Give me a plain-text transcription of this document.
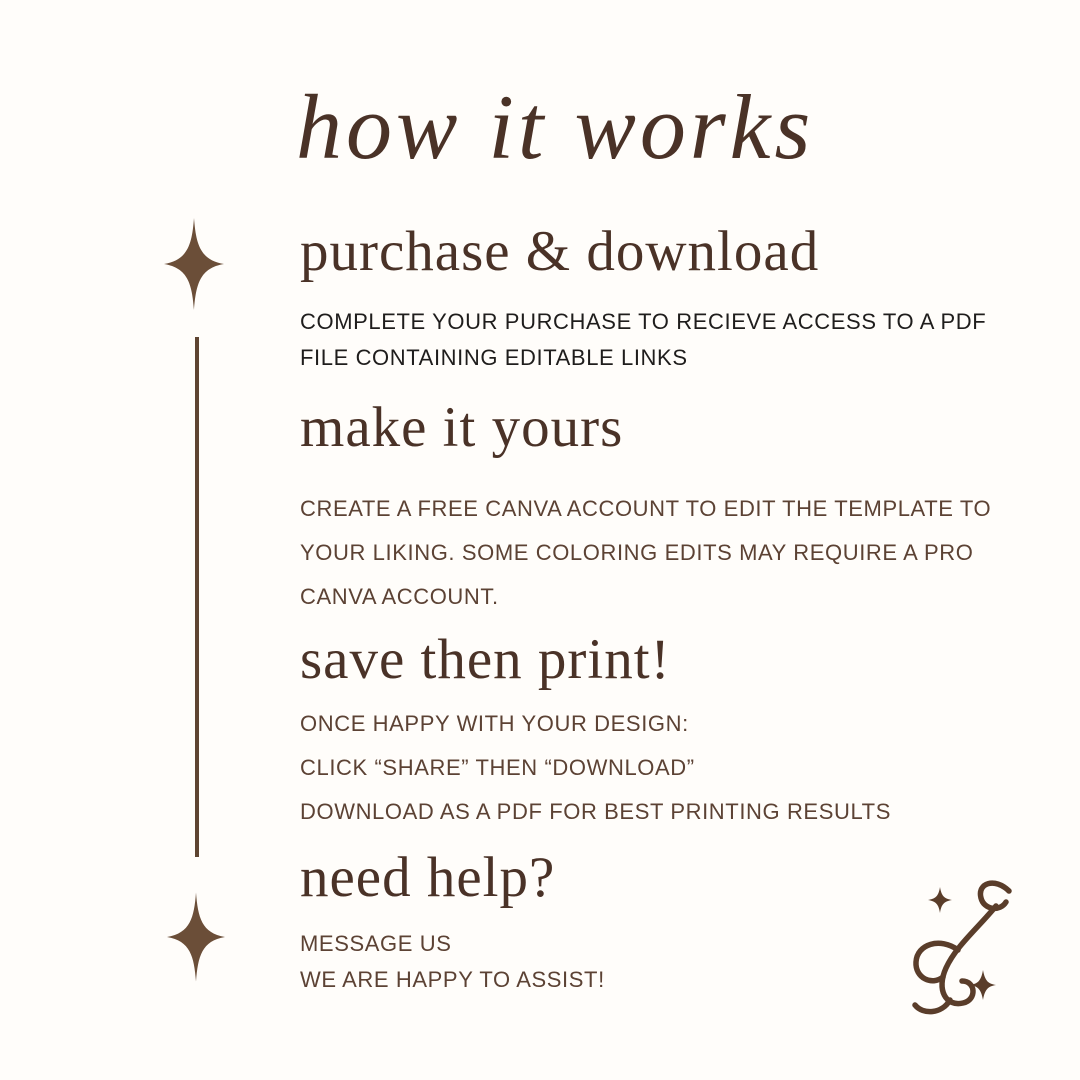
how it works
purchase & download
COMPLETE YOUR PURCHASE TO RECIEVE ACCESS TO A PDF
FILE CONTAINING EDITABLE LINKS
make it yours
CREATE A FREE CANVA ACCOUNT TO EDIT THE TEMPLATE TO
YOUR LIKING. SOME COLORING EDITS MAY REQUIRE A PRO
CANVA ACCOUNT.
save then print!
ONCE HAPPY WITH YOUR DESIGN:
CLICK “SHARE” THEN “DOWNLOAD”
DOWNLOAD AS A PDF FOR BEST PRINTING RESULTS
need help?
MESSAGE US
WE ARE HAPPY TO ASSIST!
